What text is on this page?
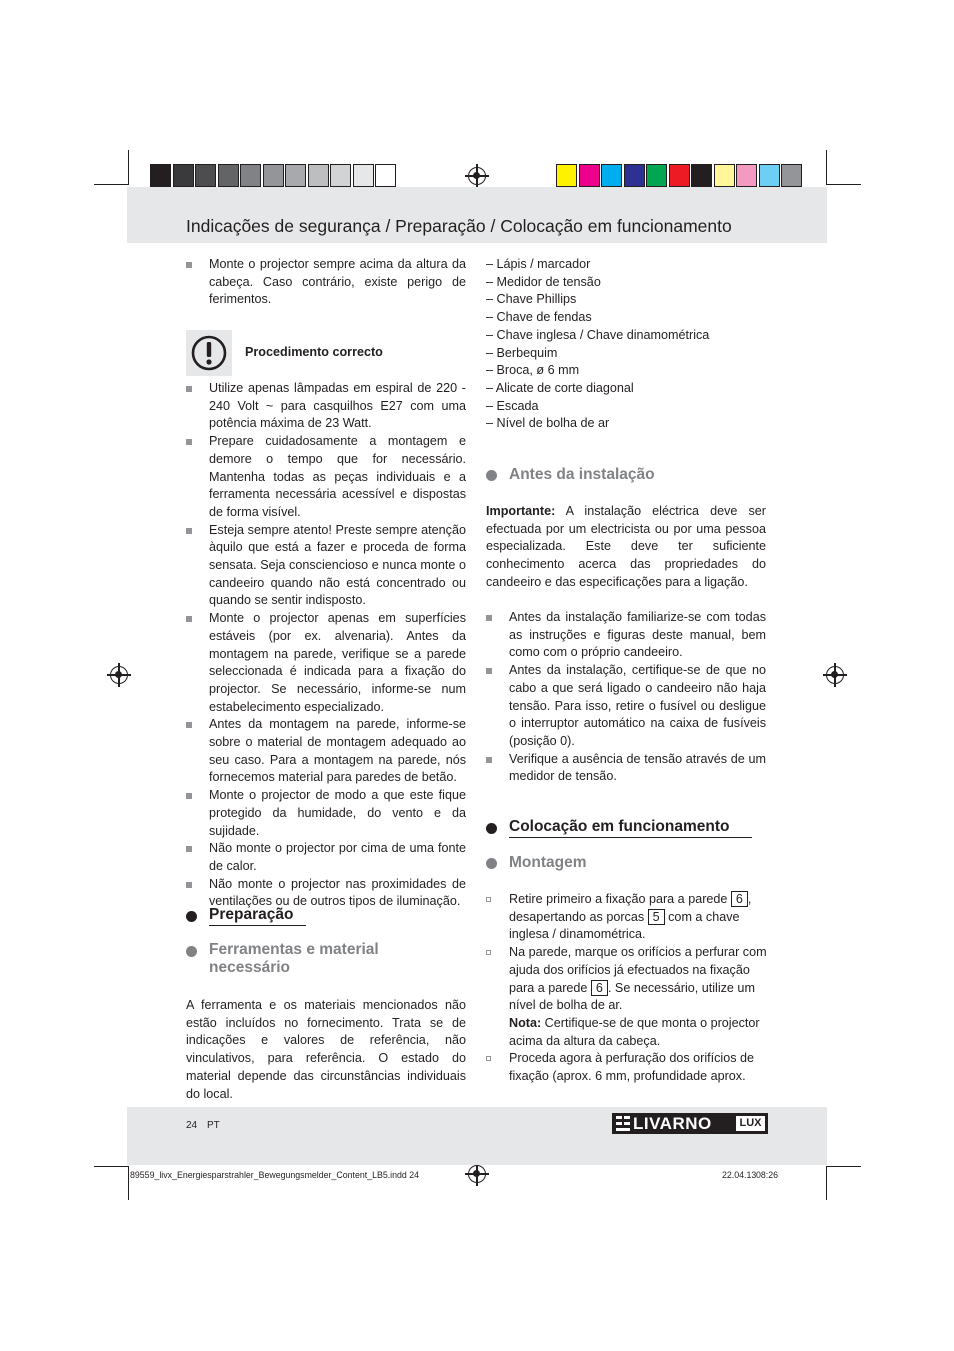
Indicações de segurança / Preparação / Colocação em funcionamento
Monte o projector sempre acima da altura da cabeça. Caso contrário, existe perigo de ferimentos.
Procedimento correcto
Utilize apenas lâmpadas em espiral de 220 - 240 Volt ~ para casquilhos E27 com uma potência máxima de 23 Watt.
Prepare cuidadosamente a montagem e demore o tempo que for necessário. Mantenha todas as peças individuais e a ferramenta necessária acessível e dispostas de forma visível.
Esteja sempre atento! Preste sempre atenção àquilo que está a fazer e proceda de forma sensata. Seja consciencioso e nunca monte o candeeiro quando não está concentrado ou quando se sentir indisposto.
Monte o projector apenas em superfícies estáveis (por ex. alvenaria). Antes da montagem na parede, verifique se a parede seleccionada é indicada para a fixação do projector. Se necessário, informe-se num estabelecimento especializado.
Antes da montagem na parede, informe-se sobre o material de montagem adequado ao seu caso. Para a montagem na parede, nós fornecemos material para paredes de betão.
Monte o projector de modo a que este fique protegido da humidade, do vento e da sujidade.
Não monte o projector por cima de uma fonte de calor.
Não monte o projector nas proximidades de ventilações ou de outros tipos de iluminação.
Preparação
Ferramentas e material
necessário
A ferramenta e os materiais mencionados não estão incluídos no fornecimento. Trata se de indicações e valores de referência, não vinculativos, para referência. O estado do material depende das circunstâncias individuais do local.
– Lápis / marcador
– Medidor de tensão
– Chave Phillips
– Chave de fendas
– Chave inglesa / Chave dinamométrica
– Berbequim
– Broca, ø 6 mm
– Alicate de corte diagonal
– Escada
– Nível de bolha de ar
Antes da instalação
Importante: A instalação eléctrica deve ser efectuada por um electricista ou por uma pessoa especializada. Este deve ter suficiente conhecimento acerca das propriedades do candeeiro e das especificações para a ligação.
Antes da instalação familiarize-se com todas as instruções e figuras deste manual, bem como com o próprio candeeiro.
Antes da instalação, certifique-se de que no cabo a que será ligado o candeeiro não haja tensão. Para isso, retire o fusível ou desligue o interruptor automático na caixa de fusíveis (posição 0).
Verifique a ausência de tensão através de um medidor de tensão.
Colocação em funcionamento
Montagem
Retire primeiro a fixação para a parede 6 , desapertando as porcas 5 com a chave inglesa / dinamométrica.
Na parede, marque os orifícios a perfurar com ajuda dos orifícios já efectuados na fixação para a parede 6 . Se necessário, utilize um nível de bolha de ar.
Nota: Certifique-se de que monta o projector acima da altura da cabeça.
Proceda agora à perfuração dos orifícios de fixação (aprox. 6 mm, profundidade aprox.
24 PT	LIVARNO	LUX
89559_livx_Energiesparstrahler_Bewegungsmelder_Content_LB5.indd 24	22.04.13 08:26
